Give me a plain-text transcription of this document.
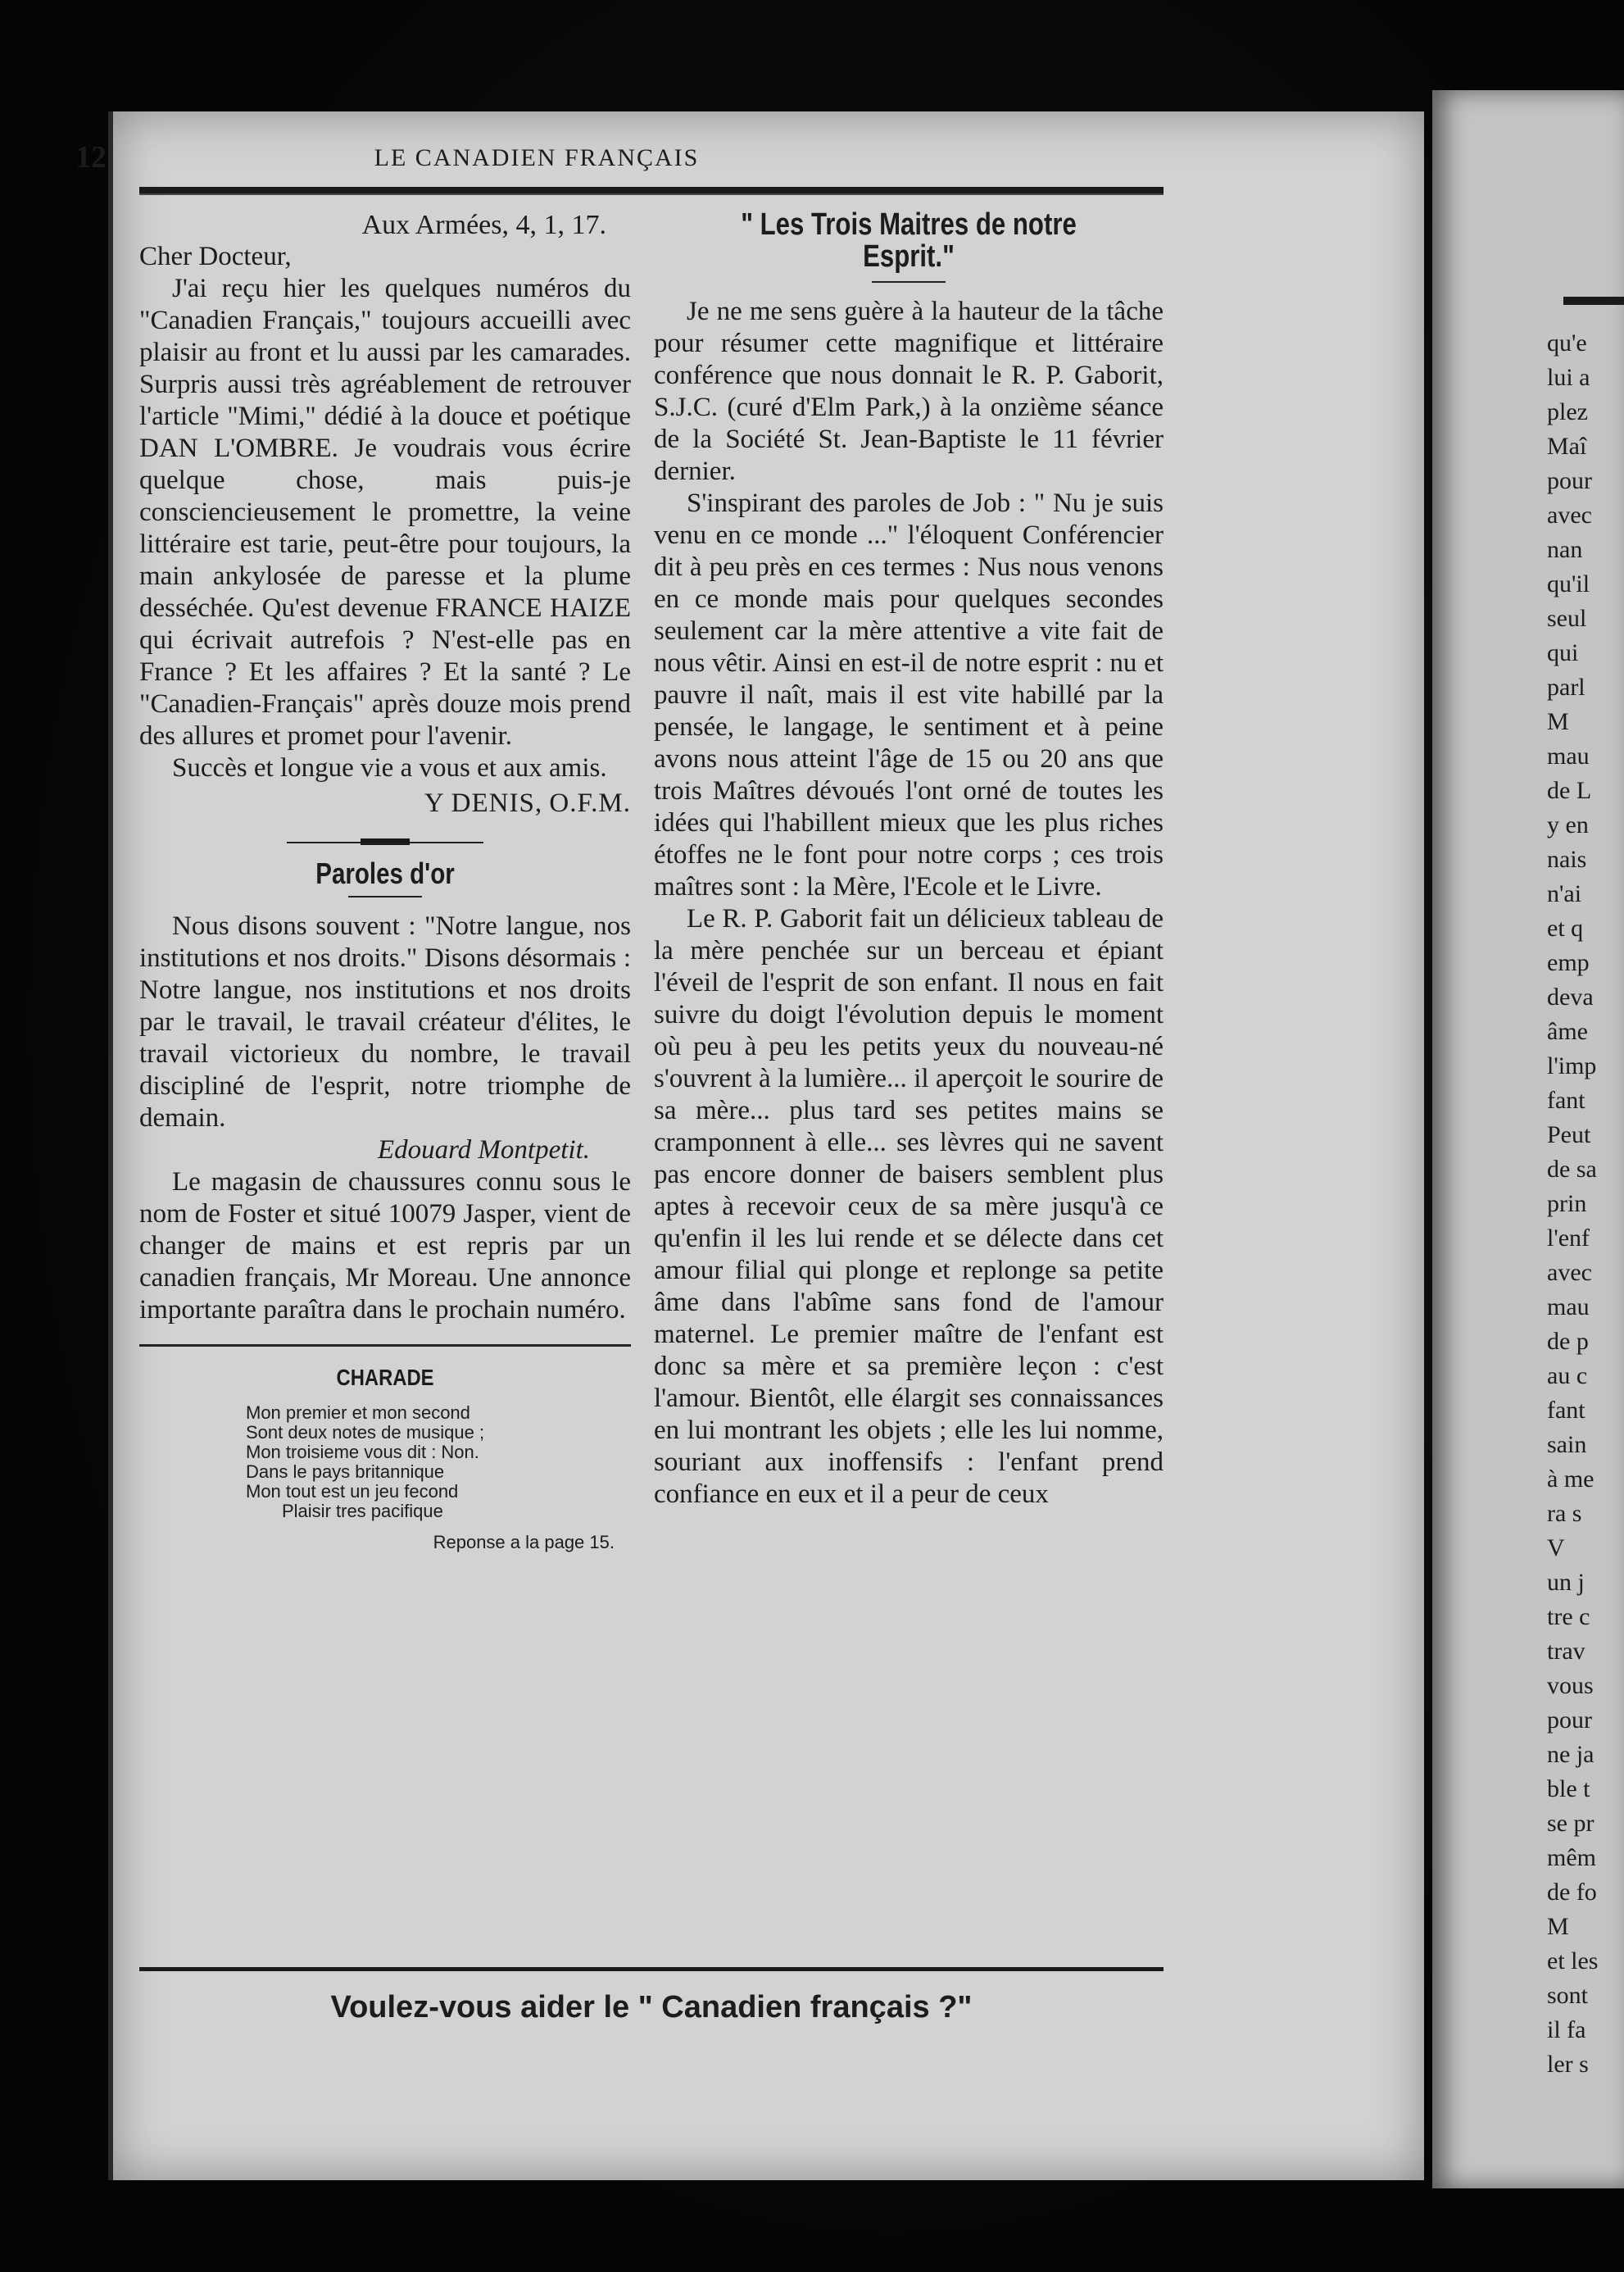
qu'e
lui a
plez
Maî
pour
avec
nan
qu'il
seul
qui
parl
M
mau
de L
y en
nais
n'ai
et q
emp
deva
âme
l'imp
fant
Peut
de sa
prin
l'enf
avec
mau
de p
au c
fant
sain
à me
ra s
V
un j
tre c
trav
vous
pour
ne ja
ble t
se pr
mêm
de fo
M
et les
sont
il fa
ler s
12	LE CANADIEN FRANÇAIS
Aux Armées, 4, 1, 17.

Cher Docteur,

J'ai reçu hier les quelques numéros du "Canadien Français," toujours accueilli avec plaisir au front et lu aussi par les camarades. Surpris aussi très agréablement de retrouver l'article "Mimi," dédié à la douce et poétique DAN L'OMBRE. Je voudrais vous écrire quelque chose, mais puis-je consciencieusement le promettre, la veine littéraire est tarie, peut-être pour toujours, la main ankylosée de paresse et la plume desséchée. Qu'est devenue FRANCE HAIZE qui écrivait autrefois ? N'est-elle pas en France ? Et les affaires ? Et la santé ? Le "Canadien-Français" après douze mois prend des allures et promet pour l'avenir.

Succès et longue vie a vous et aux amis.

Y DENIS, O.F.M.
Paroles d'or

Nous disons souvent : "Notre langue, nos institutions et nos droits." Disons désormais : Notre langue, nos institutions et nos droits par le travail, le travail créateur d'élites, le travail victorieux du nombre, le travail discipliné de l'esprit, notre triomphe de demain.

Edouard Montpetit.

Le magasin de chaussures connu sous le nom de Foster et situé 10079 Jasper, vient de changer de mains et est repris par un canadien français, Mr Moreau. Une annonce importante paraîtra dans le prochain numéro.

CHARADE
Mon premier et mon second
Sont deux notes de musique ;
Mon troisieme vous dit : Non.
Dans le pays britannique
Mon tout est un jeu fecond
Plaisir tres pacifique
Reponse a la page 15.
" Les Trois Maitres de notre Esprit."

Je ne me sens guère à la hauteur de la tâche pour résumer cette magnifique et littéraire conférence que nous donnait le R. P. Gaborit, S.J.C. (curé d'Elm Park,) à la onzième séance de la Société St. Jean-Baptiste le 11 février dernier.

S'inspirant des paroles de Job : " Nu je suis venu en ce monde ..." l'éloquent Conférencier dit à peu près en ces termes : Nus nous venons en ce monde mais pour quelques secondes seulement car la mère attentive a vite fait de nous vêtir. Ainsi en est-il de notre esprit : nu et pauvre il naît, mais il est vite habillé par la pensée, le langage, le sentiment et à peine avons nous atteint l'âge de 15 ou 20 ans que trois Maîtres dévoués l'ont orné de toutes les idées qui l'habillent mieux que les plus riches étoffes ne le font pour notre corps ; ces trois maîtres sont : la Mère, l'Ecole et le Livre.

Le R. P. Gaborit fait un délicieux tableau de la mère penchée sur un berceau et épiant l'éveil de l'esprit de son enfant. Il nous en fait suivre du doigt l'évolution depuis le moment où peu à peu les petits yeux du nouveau-né s'ouvrent à la lumière... il aperçoit le sourire de sa mère... plus tard ses petites mains se cramponnent à elle... ses lèvres qui ne savent pas encore donner de baisers semblent plus aptes à recevoir ceux de sa mère jusqu'à ce qu'enfin il les lui rende et se délecte dans cet amour filial qui plonge et replonge sa petite âme dans l'abîme sans fond de l'amour maternel. Le premier maître de l'enfant est donc sa mère et sa première leçon : c'est l'amour. Bientôt, elle élargit ses connaissances en lui montrant les objets ; elle les lui nomme, souriant aux inoffensifs : l'enfant prend confiance en eux et il a peur de ceux

Voulez-vous aider le " Canadien français ?"
